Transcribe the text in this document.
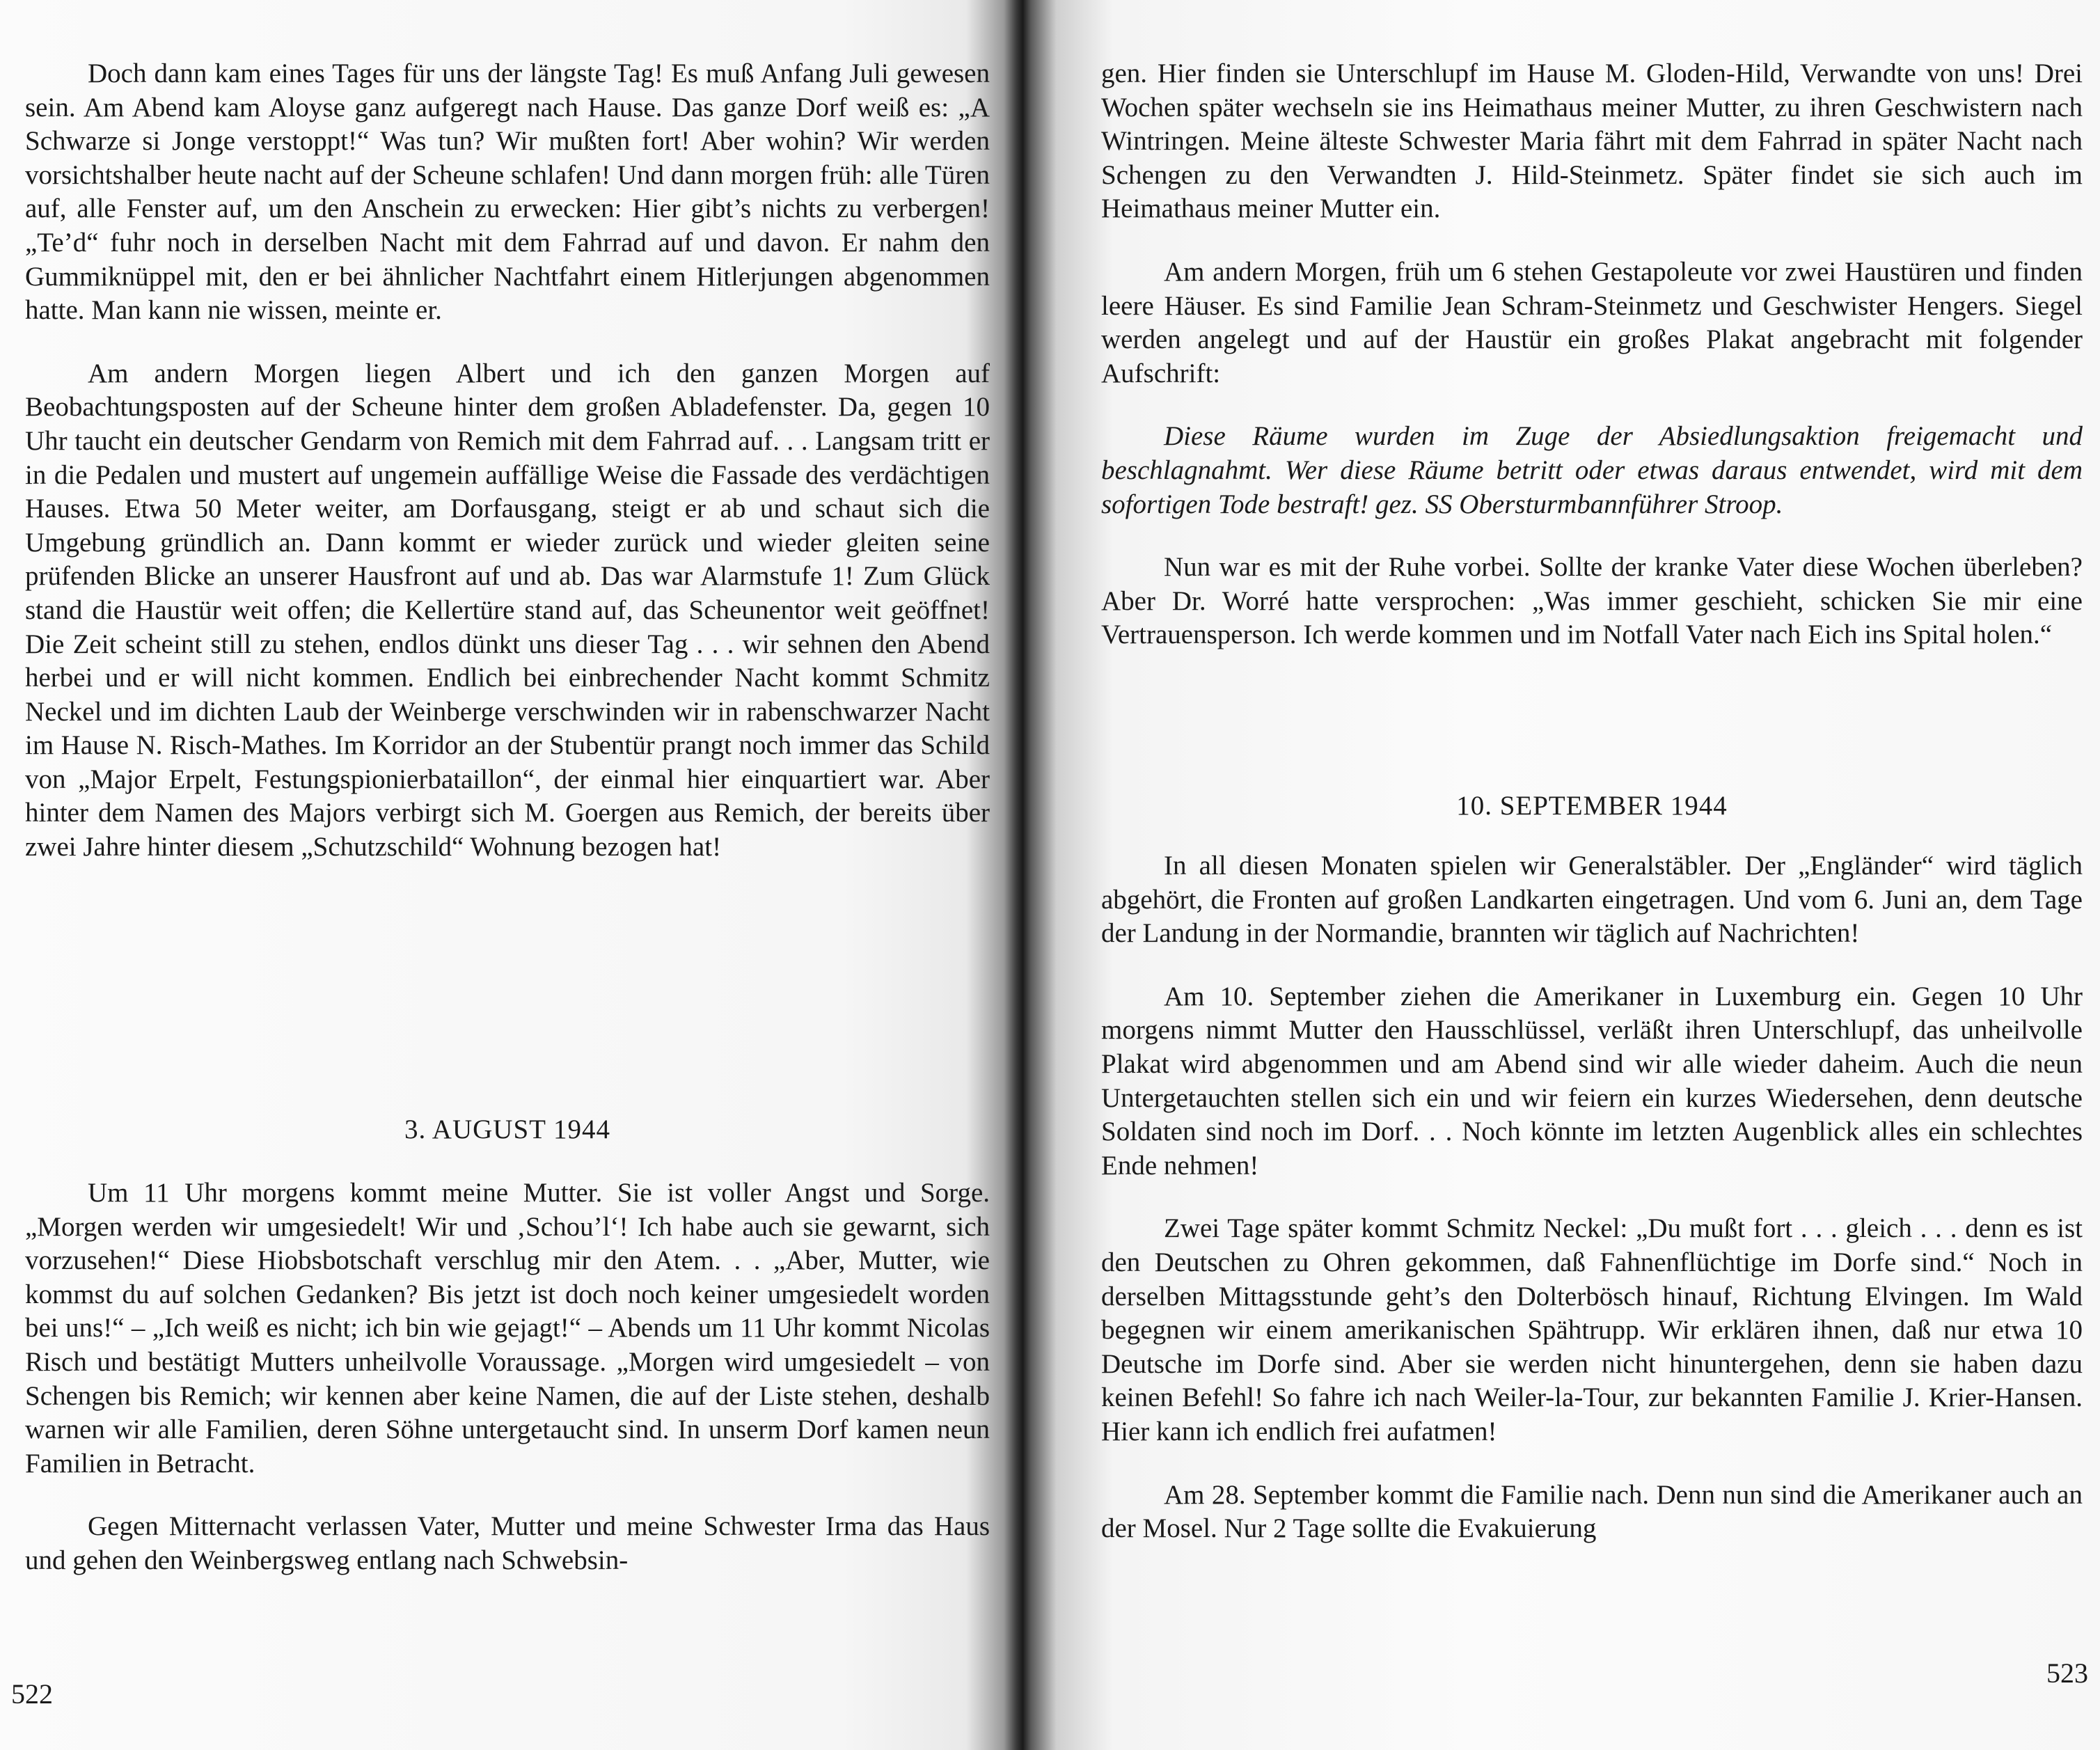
Doch dann kam eines Tages für uns der längste Tag! Es muß Anfang Juli gewesen sein. Am Abend kam Aloyse ganz aufgeregt nach Hause. Das ganze Dorf weiß es: „A Schwarze si Jonge verstoppt!“ Was tun? Wir mußten fort! Aber wohin? Wir werden vorsichtshalber heute nacht auf der Scheune schlafen! Und dann morgen früh: alle Türen auf, alle Fenster auf, um den Anschein zu erwecken: Hier gibt’s nichts zu verbergen! „Te’d“ fuhr noch in derselben Nacht mit dem Fahrrad auf und davon. Er nahm den Gummiknüppel mit, den er bei ähnlicher Nachtfahrt einem Hitlerjungen abgenommen hatte. Man kann nie wissen, meinte er.

Am andern Morgen liegen Albert und ich den ganzen Morgen auf Beobachtungsposten auf der Scheune hinter dem großen Abladefenster. Da, gegen 10 Uhr taucht ein deutscher Gendarm von Remich mit dem Fahrrad auf. . . Langsam tritt er in die Pedalen und mustert auf ungemein auffällige Weise die Fassade des verdächtigen Hauses. Etwa 50 Meter weiter, am Dorfausgang, steigt er ab und schaut sich die Umgebung gründlich an. Dann kommt er wieder zurück und wieder gleiten seine prüfenden Blicke an unserer Hausfront auf und ab. Das war Alarmstufe 1! Zum Glück stand die Haustür weit offen; die Kellertüre stand auf, das Scheunentor weit geöffnet! Die Zeit scheint still zu stehen, endlos dünkt uns dieser Tag . . . wir sehnen den Abend herbei und er will nicht kommen. Endlich bei einbrechender Nacht kommt Schmitz Neckel und im dichten Laub der Weinberge verschwinden wir in rabenschwarzer Nacht im Hause N. Risch-Mathes. Im Korridor an der Stubentür prangt noch immer das Schild von „Major Erpelt, Festungspionierbataillon“, der einmal hier einquartiert war. Aber hinter dem Namen des Majors verbirgt sich M. Goergen aus Remich, der bereits über zwei Jahre hinter diesem „Schutzschild“ Wohnung bezogen hat!

3. AUGUST 1944

Um 11 Uhr morgens kommt meine Mutter. Sie ist voller Angst und Sorge. „Morgen werden wir umgesiedelt! Wir und ‚Schou’l‘! Ich habe auch sie gewarnt, sich vorzusehen!“ Diese Hiobsbotschaft verschlug mir den Atem. . . „Aber, Mutter, wie kommst du auf solchen Gedanken? Bis jetzt ist doch noch keiner umgesiedelt worden bei uns!“ – „Ich weiß es nicht; ich bin wie gejagt!“ – Abends um 11 Uhr kommt Nicolas Risch und bestätigt Mutters unheilvolle Voraussage. „Morgen wird umgesiedelt – von Schengen bis Remich; wir kennen aber keine Namen, die auf der Liste stehen, deshalb warnen wir alle Familien, deren Söhne untergetaucht sind. In unserm Dorf kamen neun Familien in Betracht.

Gegen Mitternacht verlassen Vater, Mutter und meine Schwester Irma das Haus und gehen den Weinbergsweg entlang nach Schwebsin-

522

gen. Hier finden sie Unterschlupf im Hause M. Gloden-Hild, Verwandte von uns! Drei Wochen später wechseln sie ins Heimathaus meiner Mutter, zu ihren Geschwistern nach Wintringen. Meine älteste Schwester Maria fährt mit dem Fahrrad in später Nacht nach Schengen zu den Verwandten J. Hild-Steinmetz. Später findet sie sich auch im Heimathaus meiner Mutter ein.

Am andern Morgen, früh um 6 stehen Gestapoleute vor zwei Haustüren und finden leere Häuser. Es sind Familie Jean Schram-Steinmetz und Geschwister Hengers. Siegel werden angelegt und auf der Haustür ein großes Plakat angebracht mit folgender Aufschrift:

Diese Räume wurden im Zuge der Absiedlungsaktion freigemacht und beschlagnahmt. Wer diese Räume betritt oder etwas daraus entwendet, wird mit dem sofortigen Tode bestraft! gez. SS Obersturmbannführer Stroop.

Nun war es mit der Ruhe vorbei. Sollte der kranke Vater diese Wochen überleben? Aber Dr. Worré hatte versprochen: „Was immer geschieht, schicken Sie mir eine Vertrauensperson. Ich werde kommen und im Notfall Vater nach Eich ins Spital holen.“

10. SEPTEMBER 1944

In all diesen Monaten spielen wir Generalstäbler. Der „Engländer“ wird täglich abgehört, die Fronten auf großen Landkarten eingetragen. Und vom 6. Juni an, dem Tage der Landung in der Normandie, brannten wir täglich auf Nachrichten!

Am 10. September ziehen die Amerikaner in Luxemburg ein. Gegen 10 Uhr morgens nimmt Mutter den Hausschlüssel, verläßt ihren Unterschlupf, das unheilvolle Plakat wird abgenommen und am Abend sind wir alle wieder daheim. Auch die neun Untergetauchten stellen sich ein und wir feiern ein kurzes Wiedersehen, denn deutsche Soldaten sind noch im Dorf. . . Noch könnte im letzten Augenblick alles ein schlechtes Ende nehmen!

Zwei Tage später kommt Schmitz Neckel: „Du mußt fort . . . gleich . . . denn es ist den Deutschen zu Ohren gekommen, daß Fahnenflüchtige im Dorfe sind.“ Noch in derselben Mittagsstunde geht’s den Dolterbösch hinauf, Richtung Elvingen. Im Wald begegnen wir einem amerikanischen Spähtrupp. Wir erklären ihnen, daß nur etwa 10 Deutsche im Dorfe sind. Aber sie werden nicht hinuntergehen, denn sie haben dazu keinen Befehl! So fahre ich nach Weiler-la-Tour, zur bekannten Familie J. Krier-Hansen. Hier kann ich endlich frei aufatmen!

Am 28. September kommt die Familie nach. Denn nun sind die Amerikaner auch an der Mosel. Nur 2 Tage sollte die Evakuierung

523
